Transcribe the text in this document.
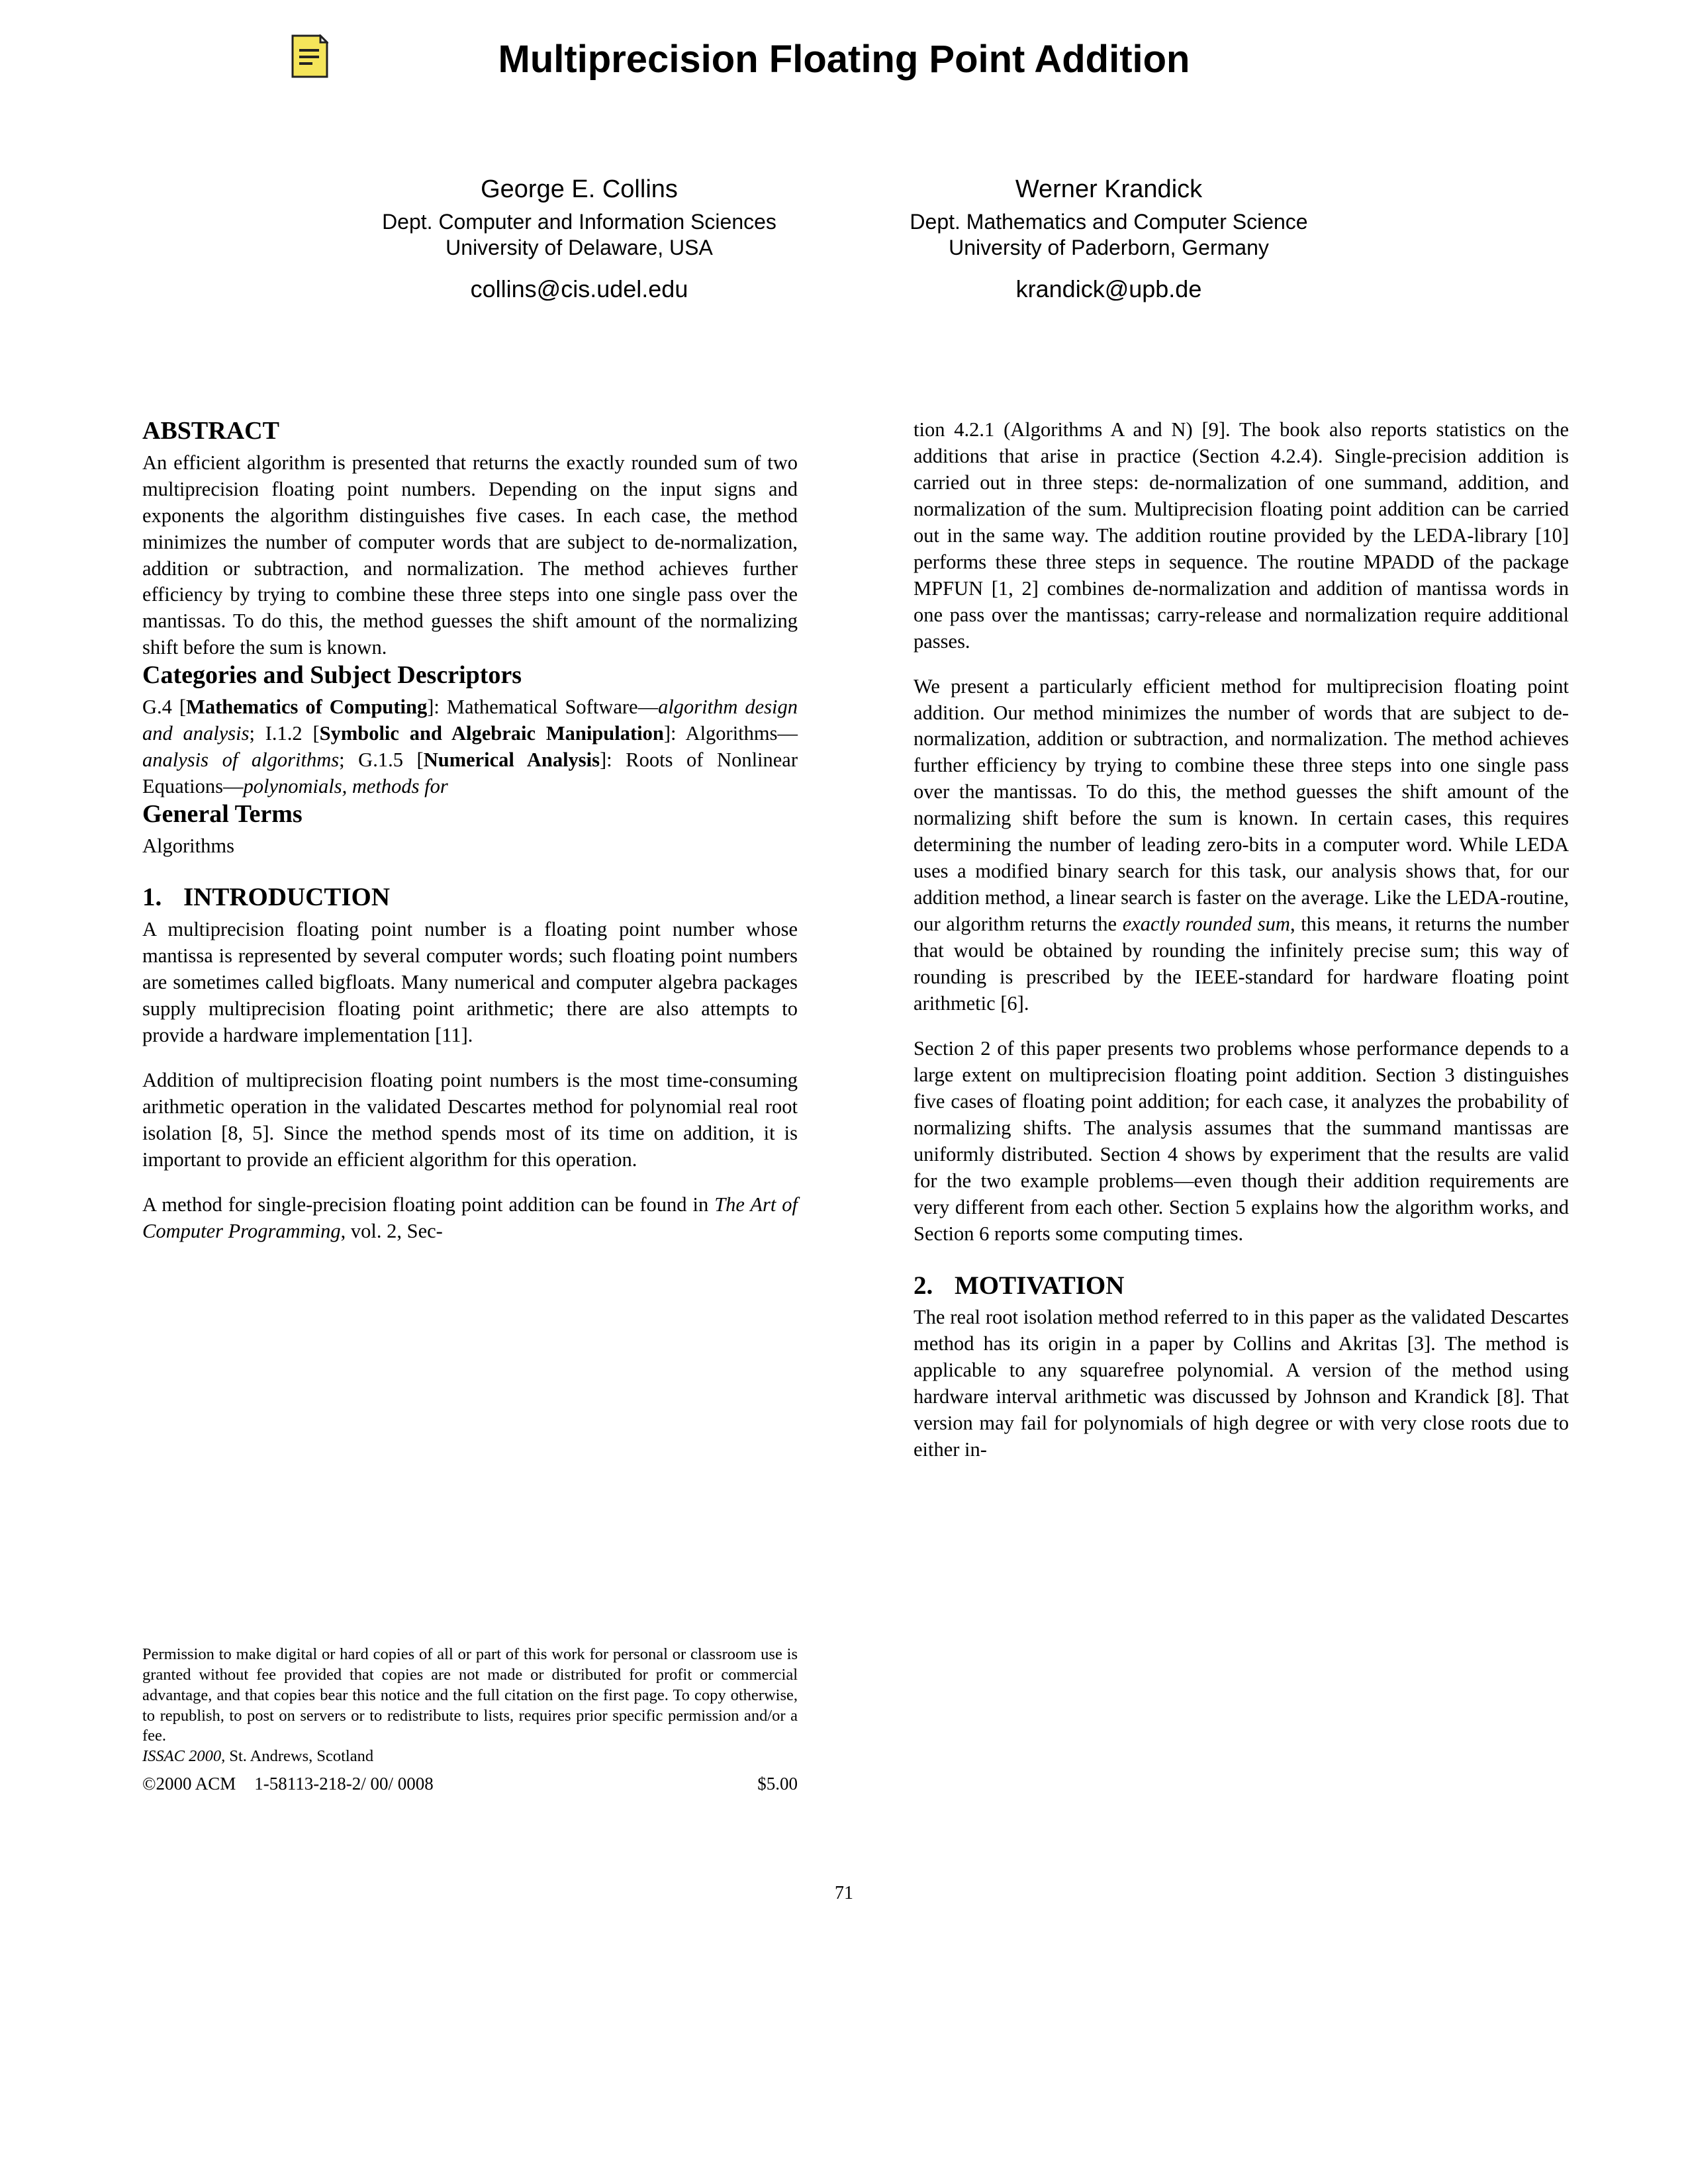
Multiprecision Floating Point Addition
George E. Collins
Dept. Computer and Information Sciences
University of Delaware, USA
collins@cis.udel.edu
Werner Krandick
Dept. Mathematics and Computer Science
University of Paderborn, Germany
krandick@upb.de
ABSTRACT

An efficient algorithm is presented that returns the exactly rounded sum of two multiprecision floating point numbers. Depending on the input signs and exponents the algorithm distinguishes five cases. In each case, the method minimizes the number of computer words that are subject to de-normalization, addition or subtraction, and normalization. The method achieves further efficiency by trying to combine these three steps into one single pass over the mantissas. To do this, the method guesses the shift amount of the normalizing shift before the sum is known.

Categories and Subject Descriptors

G.4 [Mathematics of Computing]: Mathematical Software—algorithm design and analysis; I.1.2 [Symbolic and Algebraic Manipulation]: Algorithms—analysis of algorithms; G.1.5 [Numerical Analysis]: Roots of Nonlinear Equations—polynomials, methods for

General Terms

Algorithms

1. INTRODUCTION

A multiprecision floating point number is a floating point number whose mantissa is represented by several computer words; such floating point numbers are sometimes called bigfloats. Many numerical and computer algebra packages supply multiprecision floating point arithmetic; there are also attempts to provide a hardware implementation [11].

Addition of multiprecision floating point numbers is the most time-consuming arithmetic operation in the validated Descartes method for polynomial real root isolation [8, 5]. Since the method spends most of its time on addition, it is important to provide an efficient algorithm for this operation.

A method for single-precision floating point addition can be found in The Art of Computer Programming, vol. 2, Sec-

tion 4.2.1 (Algorithms A and N) [9]. The book also reports statistics on the additions that arise in practice (Section 4.2.4). Single-precision addition is carried out in three steps: de-normalization of one summand, addition, and normalization of the sum. Multiprecision floating point addition can be carried out in the same way. The addition routine provided by the LEDA-library [10] performs these three steps in sequence. The routine MPADD of the package MPFUN [1, 2] combines de-normalization and addition of mantissa words in one pass over the mantissas; carry-release and normalization require additional passes.

We present a particularly efficient method for multiprecision floating point addition. Our method minimizes the number of words that are subject to de-normalization, addition or subtraction, and normalization. The method achieves further efficiency by trying to combine these three steps into one single pass over the mantissas. To do this, the method guesses the shift amount of the normalizing shift before the sum is known. In certain cases, this requires determining the number of leading zero-bits in a computer word. While LEDA uses a modified binary search for this task, our analysis shows that, for our addition method, a linear search is faster on the average. Like the LEDA-routine, our algorithm returns the exactly rounded sum, this means, it returns the number that would be obtained by rounding the infinitely precise sum; this way of rounding is prescribed by the IEEE-standard for hardware floating point arithmetic [6].

Section 2 of this paper presents two problems whose performance depends to a large extent on multiprecision floating point addition. Section 3 distinguishes five cases of floating point addition; for each case, it analyzes the probability of normalizing shifts. The analysis assumes that the summand mantissas are uniformly distributed. Section 4 shows by experiment that the results are valid for the two example problems—even though their addition requirements are very different from each other. Section 5 explains how the algorithm works, and Section 6 reports some computing times.

2. MOTIVATION

The real root isolation method referred to in this paper as the validated Descartes method has its origin in a paper by Collins and Akritas [3]. The method is applicable to any squarefree polynomial. A version of the method using hardware interval arithmetic was discussed by Johnson and Krandick [8]. That version may fail for polynomials of high degree or with very close roots due to either in-

Permission to make digital or hard copies of all or part of this work for personal or classroom use is granted without fee provided that copies are not made or distributed for profit or commercial advantage, and that copies bear this notice and the full citation on the first page. To copy otherwise, to republish, to post on servers or to redistribute to lists, requires prior specific permission and/or a fee.
ISSAC 2000, St. Andrews, Scotland
©2000 ACM 1-58113-218-2/ 00/ 0008	$5.00
71
